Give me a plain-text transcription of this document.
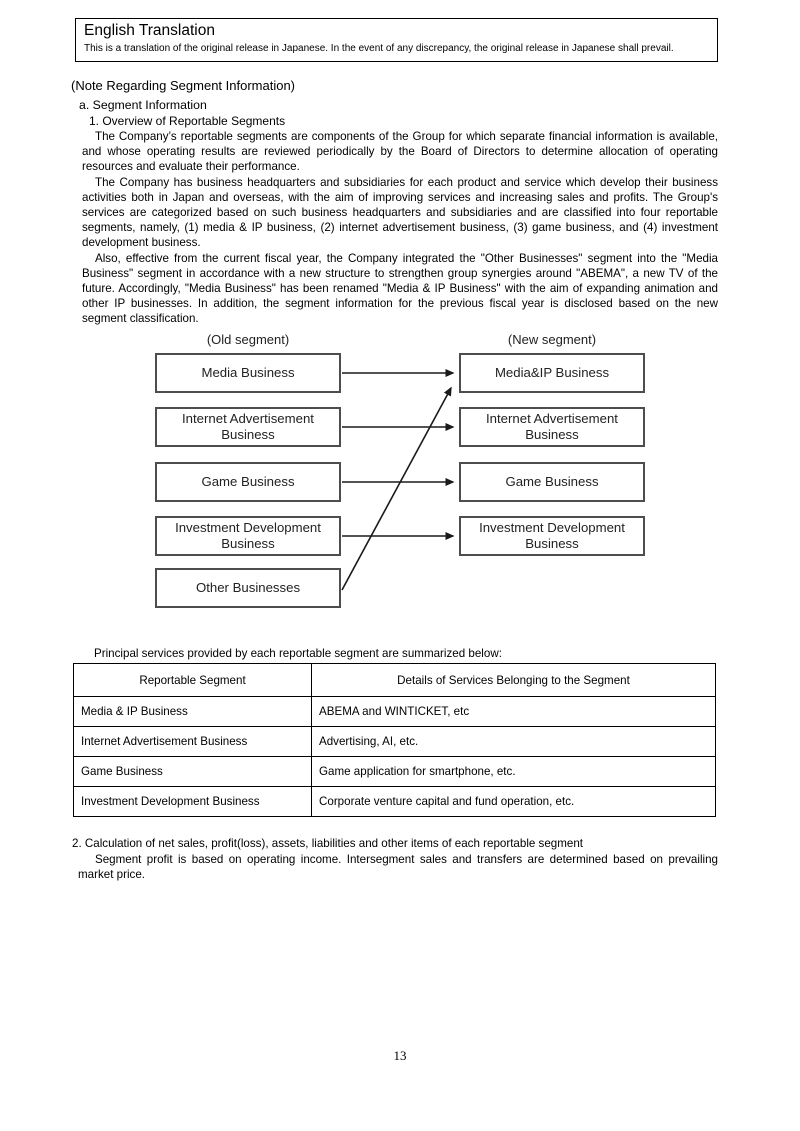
English Translation
This is a translation of the original release in Japanese. In the event of any discrepancy, the original release in Japanese shall prevail.
(Note Regarding Segment Information)
a. Segment Information
1. Overview of Reportable Segments

The Company’s reportable segments are components of the Group for which separate financial information is available, and whose operating results are reviewed periodically by the Board of Directors to determine allocation of operating resources and evaluate their performance.

The Company has business headquarters and subsidiaries for each product and service which develop their business activities both in Japan and overseas, with the aim of improving services and increasing sales and profits. The Group's services are categorized based on such business headquarters and subsidiaries and are classified into four reportable segments, namely, (1) media & IP business, (2) internet advertisement business, (3) game business, and (4) investment development business.

Also, effective from the current fiscal year, the Company integrated the "Other Businesses" segment into the "Media Business" segment in accordance with a new structure to strengthen group synergies around "ABEMA", a new TV of the future. Accordingly, "Media Business" has been renamed "Media & IP Business" with the aim of expanding animation and other IP businesses. In addition, the segment information for the previous fiscal year is disclosed based on the new segment classification.

(Old segment)	(New segment)
Media Business
Internet Advertisement Business
Game Business
Investment Development Business
Other Businesses
Media&IP Business
Internet Advertisement Business
Game Business
Investment Development Business
Principal services provided by each reportable segment are summarized below:
Reportable Segment	Details of Services Belonging to the Segment
Media & IP Business	ABEMA and WINTICKET, etc
Internet Advertisement Business	Advertising, AI, etc.
Game Business	Game application for smartphone, etc.
Investment Development Business	Corporate venture capital and fund operation, etc.
2. Calculation of net sales, profit(loss), assets, liabilities and other items of each reportable segment

Segment profit is based on operating income. Intersegment sales and transfers are determined based on prevailing market price.

13
